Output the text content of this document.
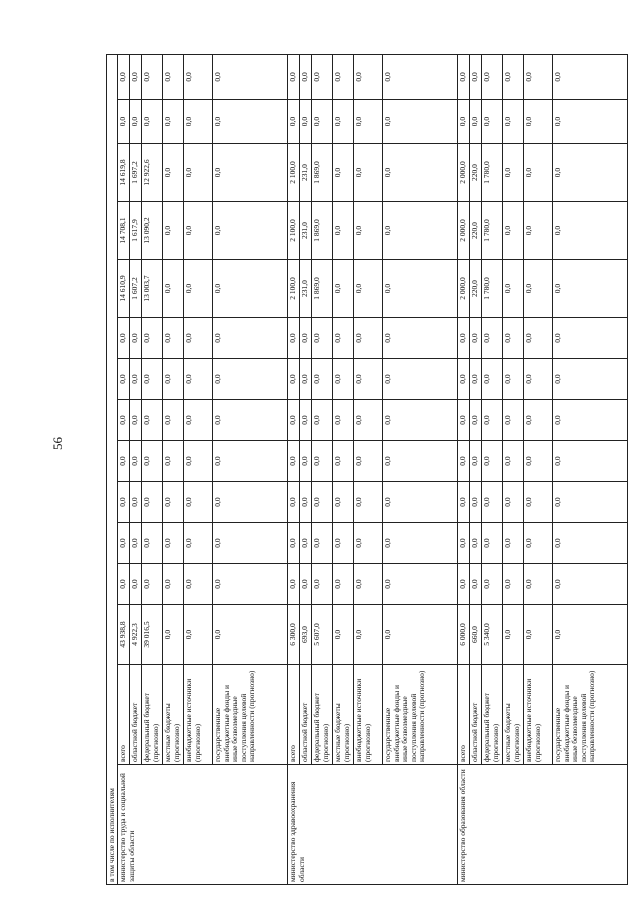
56
в том числе по исполнителям														
министерство труда и социальной защиты области	всего	43 938,8	0,0	0,0	0,0	0,0	0,0	0,0	0,0	14 610,9	14 708,1	14 619,8	0,0	0,0
	областной бюджет	4 922,3	0,0	0,0	0,0	0,0	0,0	0,0	0,0	1 607,2	1 617,9	1 697,2	0,0	0,0
	федеральный бюджет (прогнозно)	39 016,5	0,0	0,0	0,0	0,0	0,0	0,0	0,0	13 003,7	13 090,2	12 922,6	0,0	0,0
	местные бюджеты (прогнозно)	0,0	0,0	0,0	0,0	0,0	0,0	0,0	0,0	0,0	0,0	0,0	0,0	0,0
	внебюджетные источники (прогнозно)	0,0	0,0	0,0	0,0	0,0	0,0	0,0	0,0	0,0	0,0	0,0	0,0	0,0
	государственные внебюджетные фонды и иные безвозмездные поступления целевой направленности (прогнозно)	0,0	0,0	0,0	0,0	0,0	0,0	0,0	0,0	0,0	0,0	0,0	0,0	0,0
министерство здравоохранения области	всего	6 300,0	0,0	0,0	0,0	0,0	0,0	0,0	0,0	2 100,0	2 100,0	2 100,0	0,0	0,0
	областной бюджет	693,0	0,0	0,0	0,0	0,0	0,0	0,0	0,0	231,0	231,0	231,0	0,0	0,0
	федеральный бюджет (прогнозно)	5 607,0	0,0	0,0	0,0	0,0	0,0	0,0	0,0	1 869,0	1 869,0	1 869,0	0,0	0,0
	местные бюджеты (прогнозно)	0,0	0,0	0,0	0,0	0,0	0,0	0,0	0,0	0,0	0,0	0,0	0,0	0,0
	внебюджетные источники (прогнозно)	0,0	0,0	0,0	0,0	0,0	0,0	0,0	0,0	0,0	0,0	0,0	0,0	0,0
	государственные внебюджетные фонды и иные безвозмездные поступления целевой направленности (прогнозно)	0,0	0,0	0,0	0,0	0,0	0,0	0,0	0,0	0,0	0,0	0,0	0,0	0,0
министерство образования области	всего	6 000,0	0,0	0,0	0,0	0,0	0,0	0,0	0,0	2 000,0	2 000,0	2 000,0	0,0	0,0
	областной бюджет	660,0	0,0	0,0	0,0	0,0	0,0	0,0	0,0	220,0	220,0	220,0	0,0	0,0
	федеральный бюджет (прогнозно)	5 340,0	0,0	0,0	0,0	0,0	0,0	0,0	0,0	1 780,0	1 780,0	1 780,0	0,0	0,0
	местные бюджеты (прогнозно)	0,0	0,0	0,0	0,0	0,0	0,0	0,0	0,0	0,0	0,0	0,0	0,0	0,0
	внебюджетные источники (прогнозно)	0,0	0,0	0,0	0,0	0,0	0,0	0,0	0,0	0,0	0,0	0,0	0,0	0,0
	государственные внебюджетные фонды и иные безвозмездные поступления целевой направленности (прогнозно)	0,0	0,0	0,0	0,0	0,0	0,0	0,0	0,0	0,0	0,0	0,0	0,0	0,0
